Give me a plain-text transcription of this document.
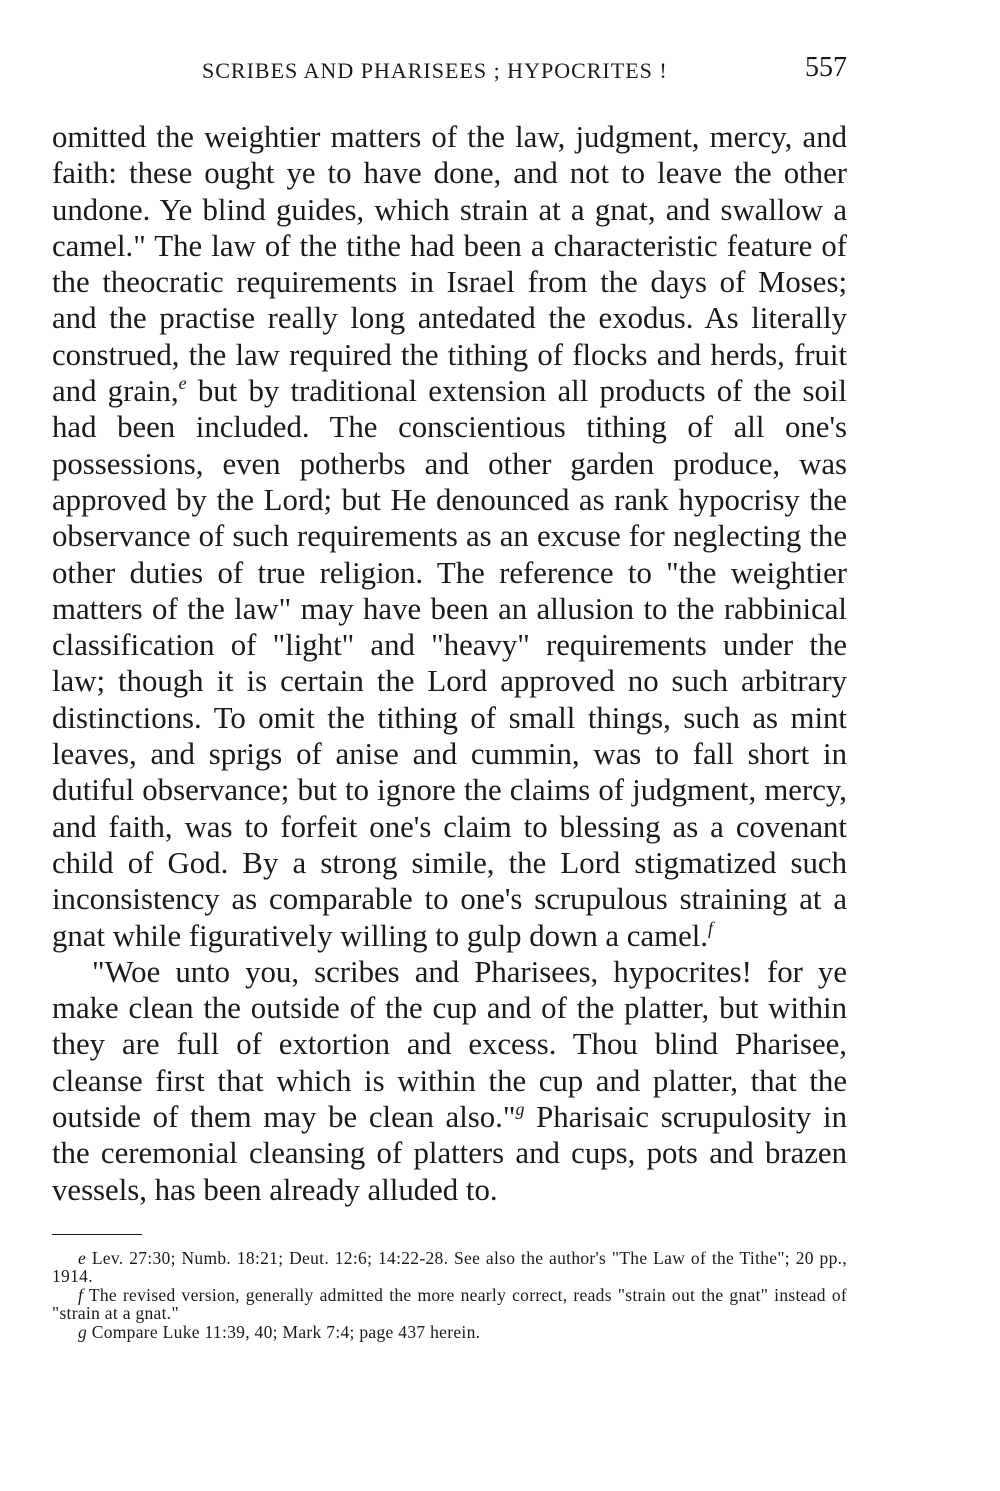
SCRIBES AND PHARISEES ; HYPOCRITES !	557

omitted the weightier matters of the law, judgment, mercy, and faith: these ought ye to have done, and not to leave the other undone. Ye blind guides, which strain at a gnat, and swallow a camel." The law of the tithe had been a characteristic feature of the theocratic requirements in Israel from the days of Moses; and the practise really long antedated the exodus. As literally construed, the law required the tithing of flocks and herds, fruit and grain,$^e$ but by traditional extension all products of the soil had been included. The conscientious tithing of all one's possessions, even potherbs and other garden produce, was approved by the Lord; but He denounced as rank hypocrisy the observance of such requirements as an excuse for neglecting the other duties of true religion. The reference to "the weightier matters of the law" may have been an allusion to the rabbinical classification of "light" and "heavy" requirements under the law; though it is certain the Lord approved no such arbitrary distinctions. To omit the tithing of small things, such as mint leaves, and sprigs of anise and cummin, was to fall short in dutiful observance; but to ignore the claims of judgment, mercy, and faith, was to forfeit one's claim to blessing as a covenant child of God. By a strong simile, the Lord stigmatized such inconsistency as comparable to one's scrupulous straining at a gnat while figuratively willing to gulp down a camel.$^f$

"Woe unto you, scribes and Pharisees, hypocrites! for ye make clean the outside of the cup and of the platter, but within they are full of extortion and excess. Thou blind Pharisee, cleanse first that which is within the cup and platter, that the outside of them may be clean also."$^g$ Pharisaic scrupulosity in the ceremonial cleansing of platters and cups, pots and brazen vessels, has been already alluded to.

e Lev. 27:30; Numb. 18:21; Deut. 12:6; 14:22-28. See also the author's "The Law of the Tithe"; 20 pp., 1914.

f The revised version, generally admitted the more nearly correct, reads "strain out the gnat" instead of "strain at a gnat."

g Compare Luke 11:39, 40; Mark 7:4; page 437 herein.
